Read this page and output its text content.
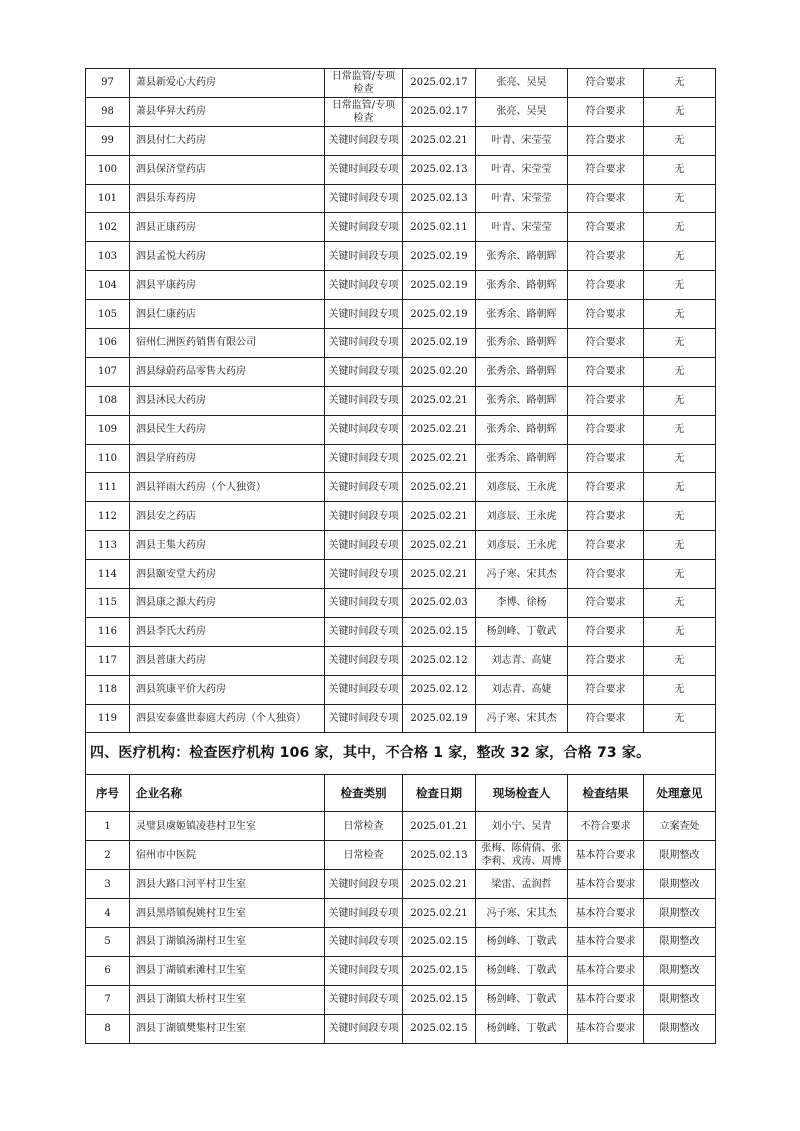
97	萧县新爱心大药房	日常监管/专项检查	2025.02.17	张亮、吴昊	符合要求	无
98	萧县华昇大药房	日常监管/专项检查	2025.02.17	张亮、吴昊	符合要求	无
99	泗县付仁大药房	关键时间段专项	2025.02.21	叶青、宋莹莹	符合要求	无
100	泗县保济堂药店	关键时间段专项	2025.02.13	叶青、宋莹莹	符合要求	无
101	泗县乐寿药房	关键时间段专项	2025.02.13	叶青、宋莹莹	符合要求	无
102	泗县正康药房	关键时间段专项	2025.02.11	叶青、宋莹莹	符合要求	无
103	泗县孟悦大药房	关键时间段专项	2025.02.19	张秀余、路朝辉	符合要求	无
104	泗县平康药房	关键时间段专项	2025.02.19	张秀余、路朝辉	符合要求	无
105	泗县仁康药店	关键时间段专项	2025.02.19	张秀余、路朝辉	符合要求	无
106	宿州仁洲医药销售有限公司	关键时间段专项	2025.02.19	张秀余、路朝辉	符合要求	无
107	泗县绿蔚药品零售大药房	关键时间段专项	2025.02.20	张秀余、路朝辉	符合要求	无
108	泗县沐民大药房	关键时间段专项	2025.02.21	张秀余、路朝辉	符合要求	无
109	泗县民生大药房	关键时间段专项	2025.02.21	张秀余、路朝辉	符合要求	无
110	泗县学府药房	关键时间段专项	2025.02.21	张秀余、路朝辉	符合要求	无
111	泗县祥雨大药房（个人独资）	关键时间段专项	2025.02.21	刘彦辰、王永虎	符合要求	无
112	泗县安之药店	关键时间段专项	2025.02.21	刘彦辰、王永虎	符合要求	无
113	泗县王集大药房	关键时间段专项	2025.02.21	刘彦辰、王永虎	符合要求	无
114	泗县颐安堂大药房	关键时间段专项	2025.02.21	冯子寒、宋其杰	符合要求	无
115	泗县康之源大药房	关键时间段专项	2025.02.03	李博、徐杨	符合要求	无
116	泗县李氏大药房	关键时间段专项	2025.02.15	杨剑峰、丁敬武	符合要求	无
117	泗县普康大药房	关键时间段专项	2025.02.12	刘志青、高婕	符合要求	无
118	泗县筑康平价大药房	关键时间段专项	2025.02.12	刘志青、高婕	符合要求	无
119	泗县安泰盛世泰庭大药房（个人独资）	关键时间段专项	2025.02.19	冯子寒、宋其杰	符合要求	无
四、医疗机构：检查医疗机构 106 家，其中，不合格 1 家，整改 32 家，合格 73 家。						
序号	企业名称	检查类别	检查日期	现场检查人	检查结果	处理意见
1	灵璧县虞姬镇凌巷村卫生室	日常检查	2025.01.21	刘小宁、吴青	不符合要求	立案查处
2	宿州市中医院	日常检查	2025.02.13	张梅、陈倩倩、张李莉、戎涛、周博	基本符合要求	限期整改
3	泗县大路口河平村卫生室	关键时间段专项	2025.02.21	梁雷、孟润哲	基本符合要求	限期整改
4	泗县黑塔镇倪姚村卫生室	关键时间段专项	2025.02.21	冯子寒、宋其杰	基本符合要求	限期整改
5	泗县丁湖镇汤湖村卫生室	关键时间段专项	2025.02.15	杨剑峰、丁敬武	基本符合要求	限期整改
6	泗县丁湖镇索滩村卫生室	关键时间段专项	2025.02.15	杨剑峰、丁敬武	基本符合要求	限期整改
7	泗县丁湖镇大桥村卫生室	关键时间段专项	2025.02.15	杨剑峰、丁敬武	基本符合要求	限期整改
8	泗县丁湖镇樊集村卫生室	关键时间段专项	2025.02.15	杨剑峰、丁敬武	基本符合要求	限期整改
